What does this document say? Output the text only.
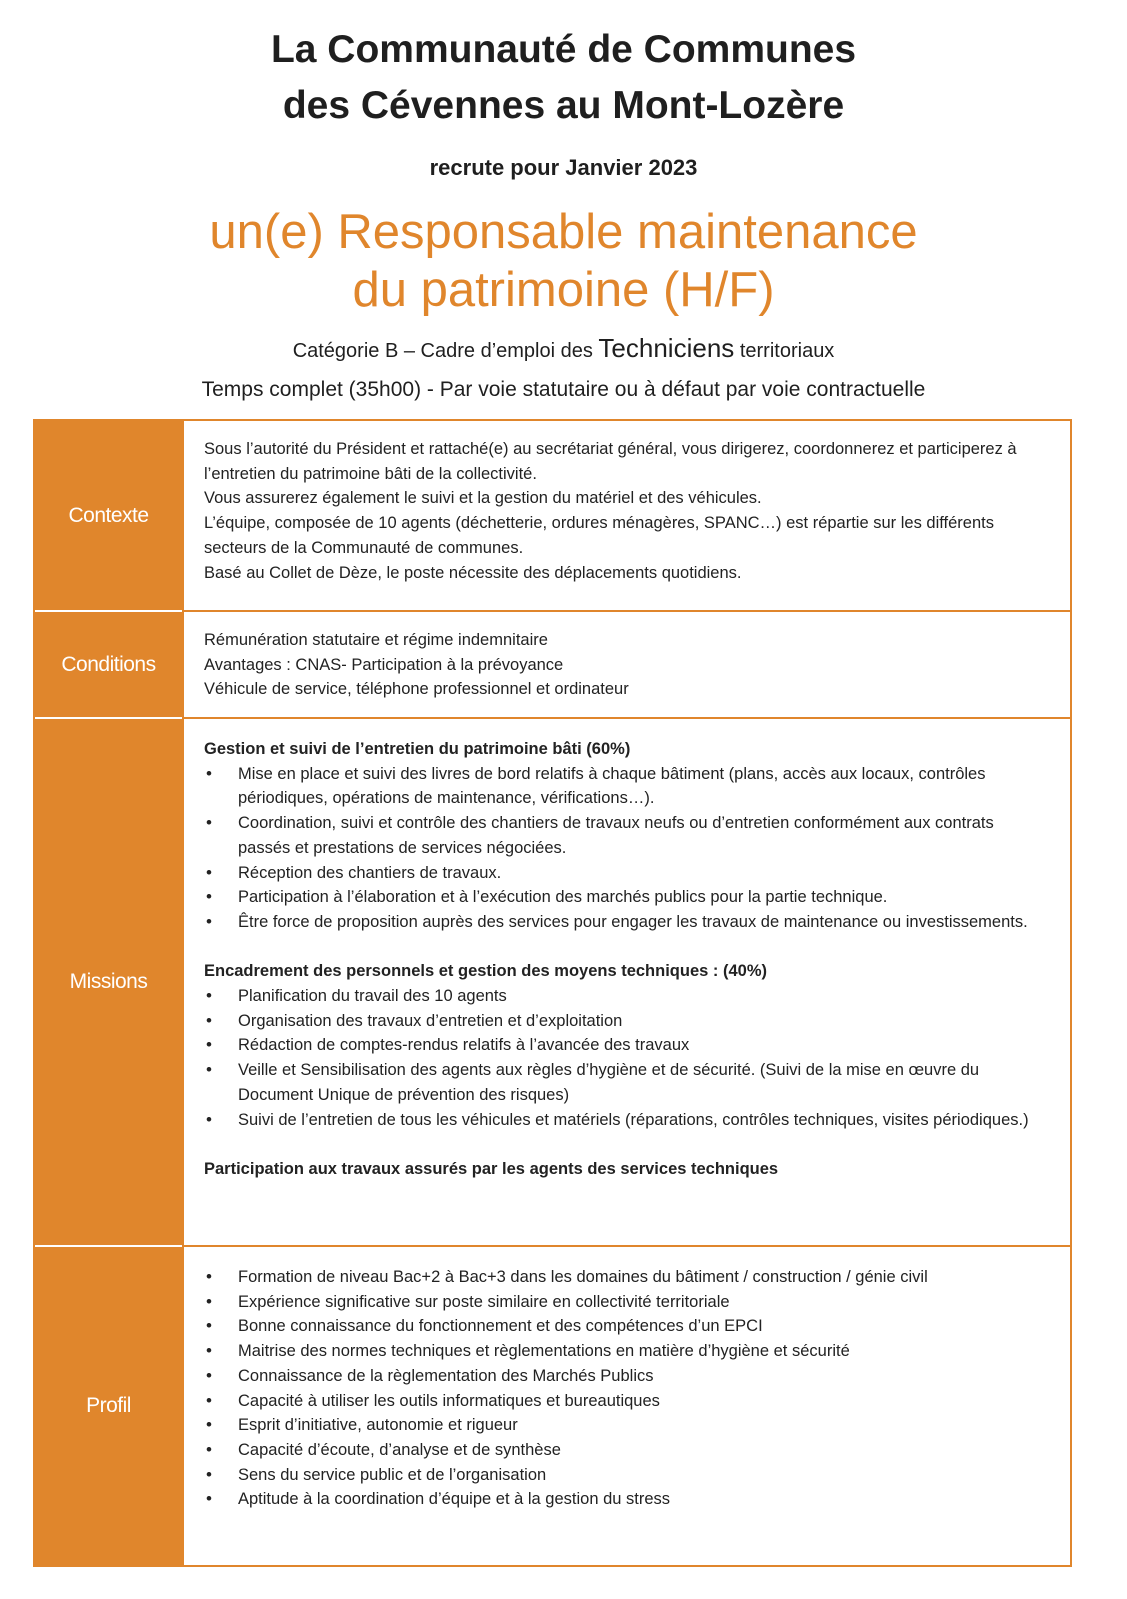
La Communauté de Communes
des Cévennes au Mont-Lozère
recrute pour Janvier 2023
un(e) Responsable maintenance
du patrimoine (H/F)
Catégorie B – Cadre d’emploi des Techniciens territoriaux
Temps complet (35h00) - Par voie statutaire ou à défaut par voie contractuelle
Contexte

Sous l’autorité du Président et rattaché(e) au secrétariat général, vous dirigerez, coordonnerez et participerez à l’entretien du patrimoine bâti de la collectivité.

Vous assurerez également le suivi et la gestion du matériel et des véhicules.

L’équipe, composée de 10 agents (déchetterie, ordures ménagères, SPANC…) est répartie sur les différents secteurs de la Communauté de communes.

Basé au Collet de Dèze, le poste nécessite des déplacements quotidiens.

Conditions

Rémunération statutaire et régime indemnitaire

Avantages : CNAS- Participation à la prévoyance

Véhicule de service, téléphone professionnel et ordinateur

Missions

Gestion et suivi de l’entretien du patrimoine bâti (60%)

• Mise en place et suivi des livres de bord relatifs à chaque bâtiment (plans, accès aux locaux, contrôles périodiques, opérations de maintenance, vérifications…).
• Coordination, suivi et contrôle des chantiers de travaux neufs ou d’entretien conformément aux contrats passés et prestations de services négociées.
• Réception des chantiers de travaux.
• Participation à l’élaboration et à l’exécution des marchés publics pour la partie technique.
• Être force de proposition auprès des services pour engager les travaux de maintenance ou investissements.

Encadrement des personnels et gestion des moyens techniques : (40%)

• Planification du travail des 10 agents
• Organisation des travaux d’entretien et d’exploitation
• Rédaction de comptes-rendus relatifs à l’avancée des travaux
• Veille et Sensibilisation des agents aux règles d’hygiène et de sécurité. (Suivi de la mise en œuvre du Document Unique de prévention des risques)
• Suivi de l’entretien de tous les véhicules et matériels (réparations, contrôles techniques, visites périodiques.)

Participation aux travaux assurés par les agents des services techniques

Profil
• Formation de niveau Bac+2 à Bac+3 dans les domaines du bâtiment / construction / génie civil
• Expérience significative sur poste similaire en collectivité territoriale
• Bonne connaissance du fonctionnement et des compétences d’un EPCI
• Maitrise des normes techniques et règlementations en matière d’hygiène et sécurité
• Connaissance de la règlementation des Marchés Publics
• Capacité à utiliser les outils informatiques et bureautiques
• Esprit d’initiative, autonomie et rigueur
• Capacité d’écoute, d’analyse et de synthèse
• Sens du service public et de l’organisation
• Aptitude à la coordination d’équipe et à la gestion du stress
